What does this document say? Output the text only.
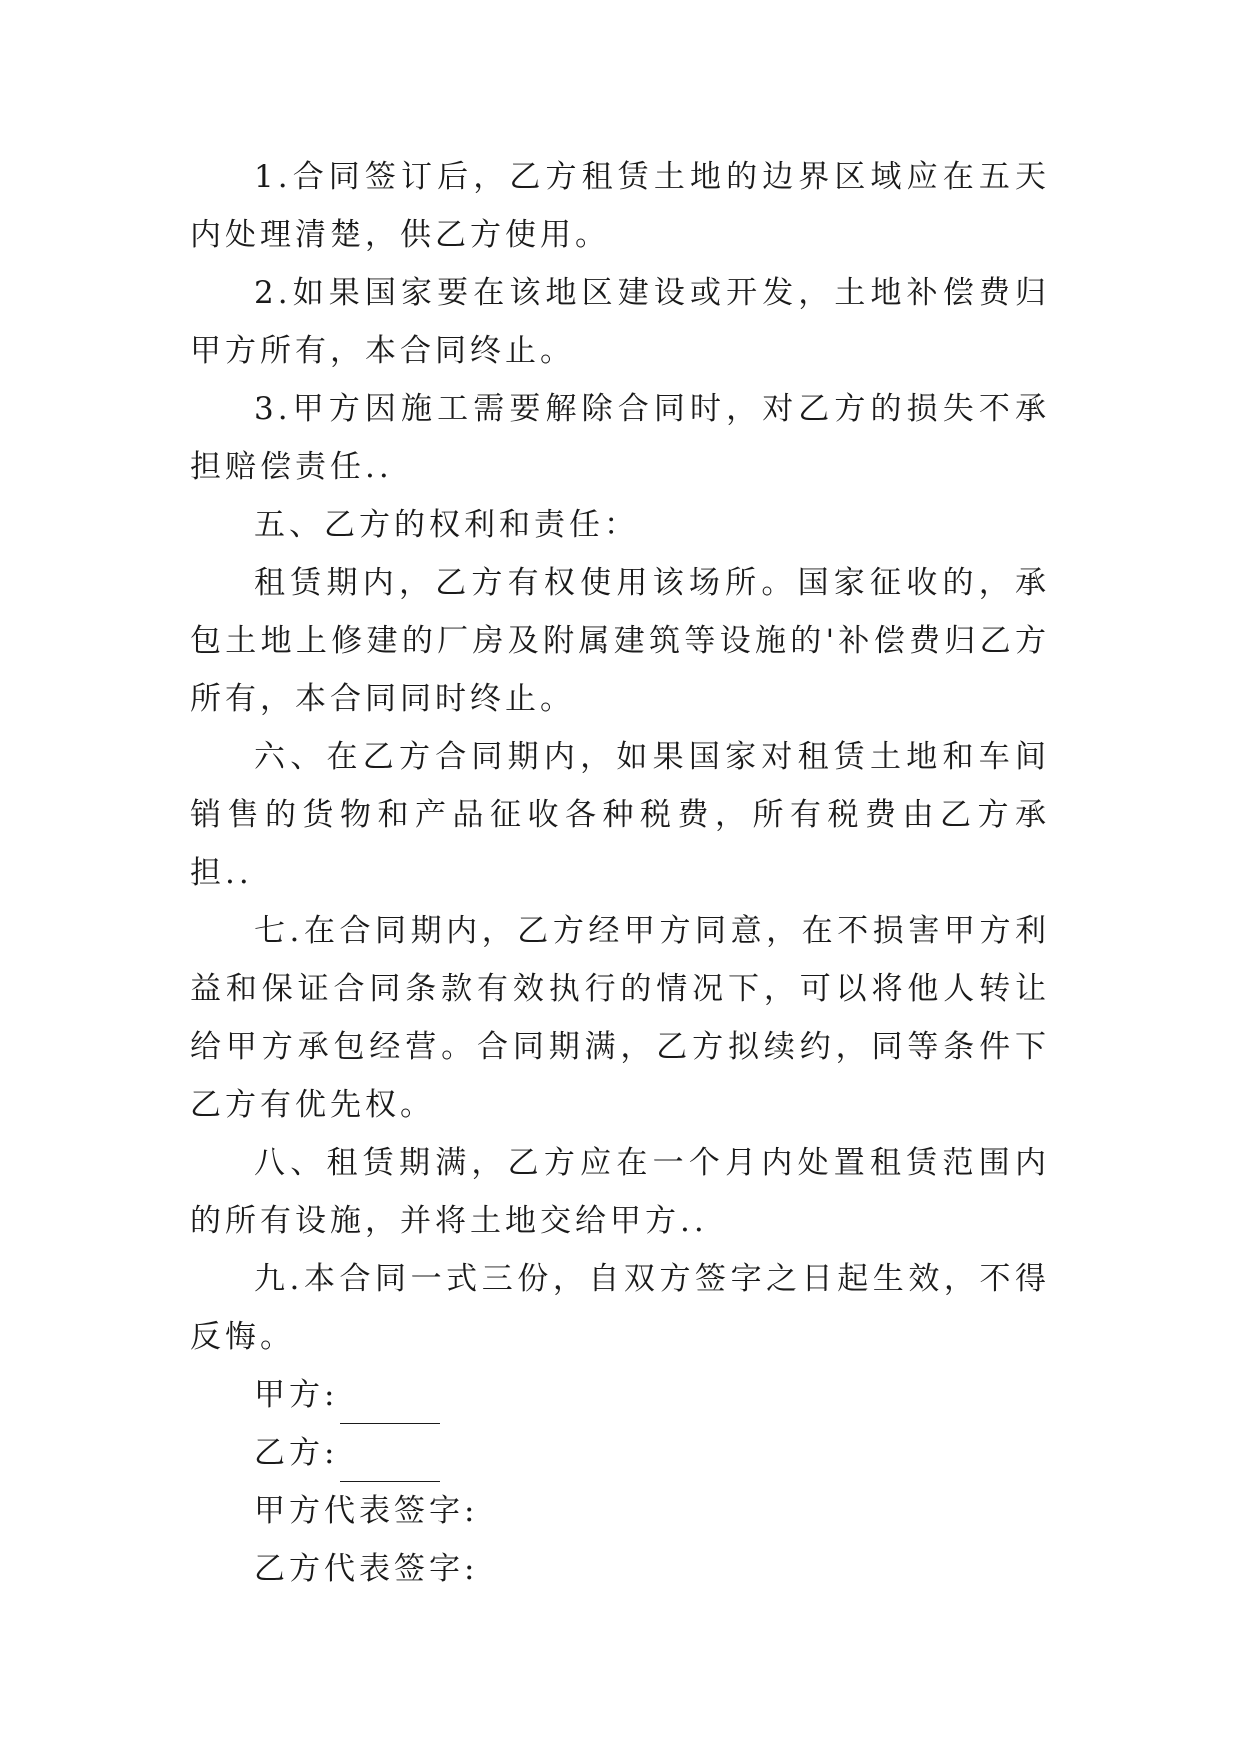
1.合同签订后，乙方租赁土地的边界区域应在五天内处理清楚，供乙方使用。

2.如果国家要在该地区建设或开发，土地补偿费归甲方所有，本合同终止。

3.甲方因施工需要解除合同时，对乙方的损失不承担赔偿责任..

五、乙方的权利和责任：

租赁期内，乙方有权使用该场所。国家征收的，承包土地上修建的厂房及附属建筑等设施的'补偿费归乙方所有，本合同同时终止。

六、在乙方合同期内，如果国家对租赁土地和车间销售的货物和产品征收各种税费，所有税费由乙方承担..

七.在合同期内，乙方经甲方同意，在不损害甲方利益和保证合同条款有效执行的情况下，可以将他人转让给甲方承包经营。合同期满，乙方拟续约，同等条件下乙方有优先权。

八、租赁期满，乙方应在一个月内处置租赁范围内的所有设施，并将土地交给甲方..

九.本合同一式三份，自双方签字之日起生效，不得反悔。

甲方:

乙方:

甲方代表签字:

乙方代表签字:
